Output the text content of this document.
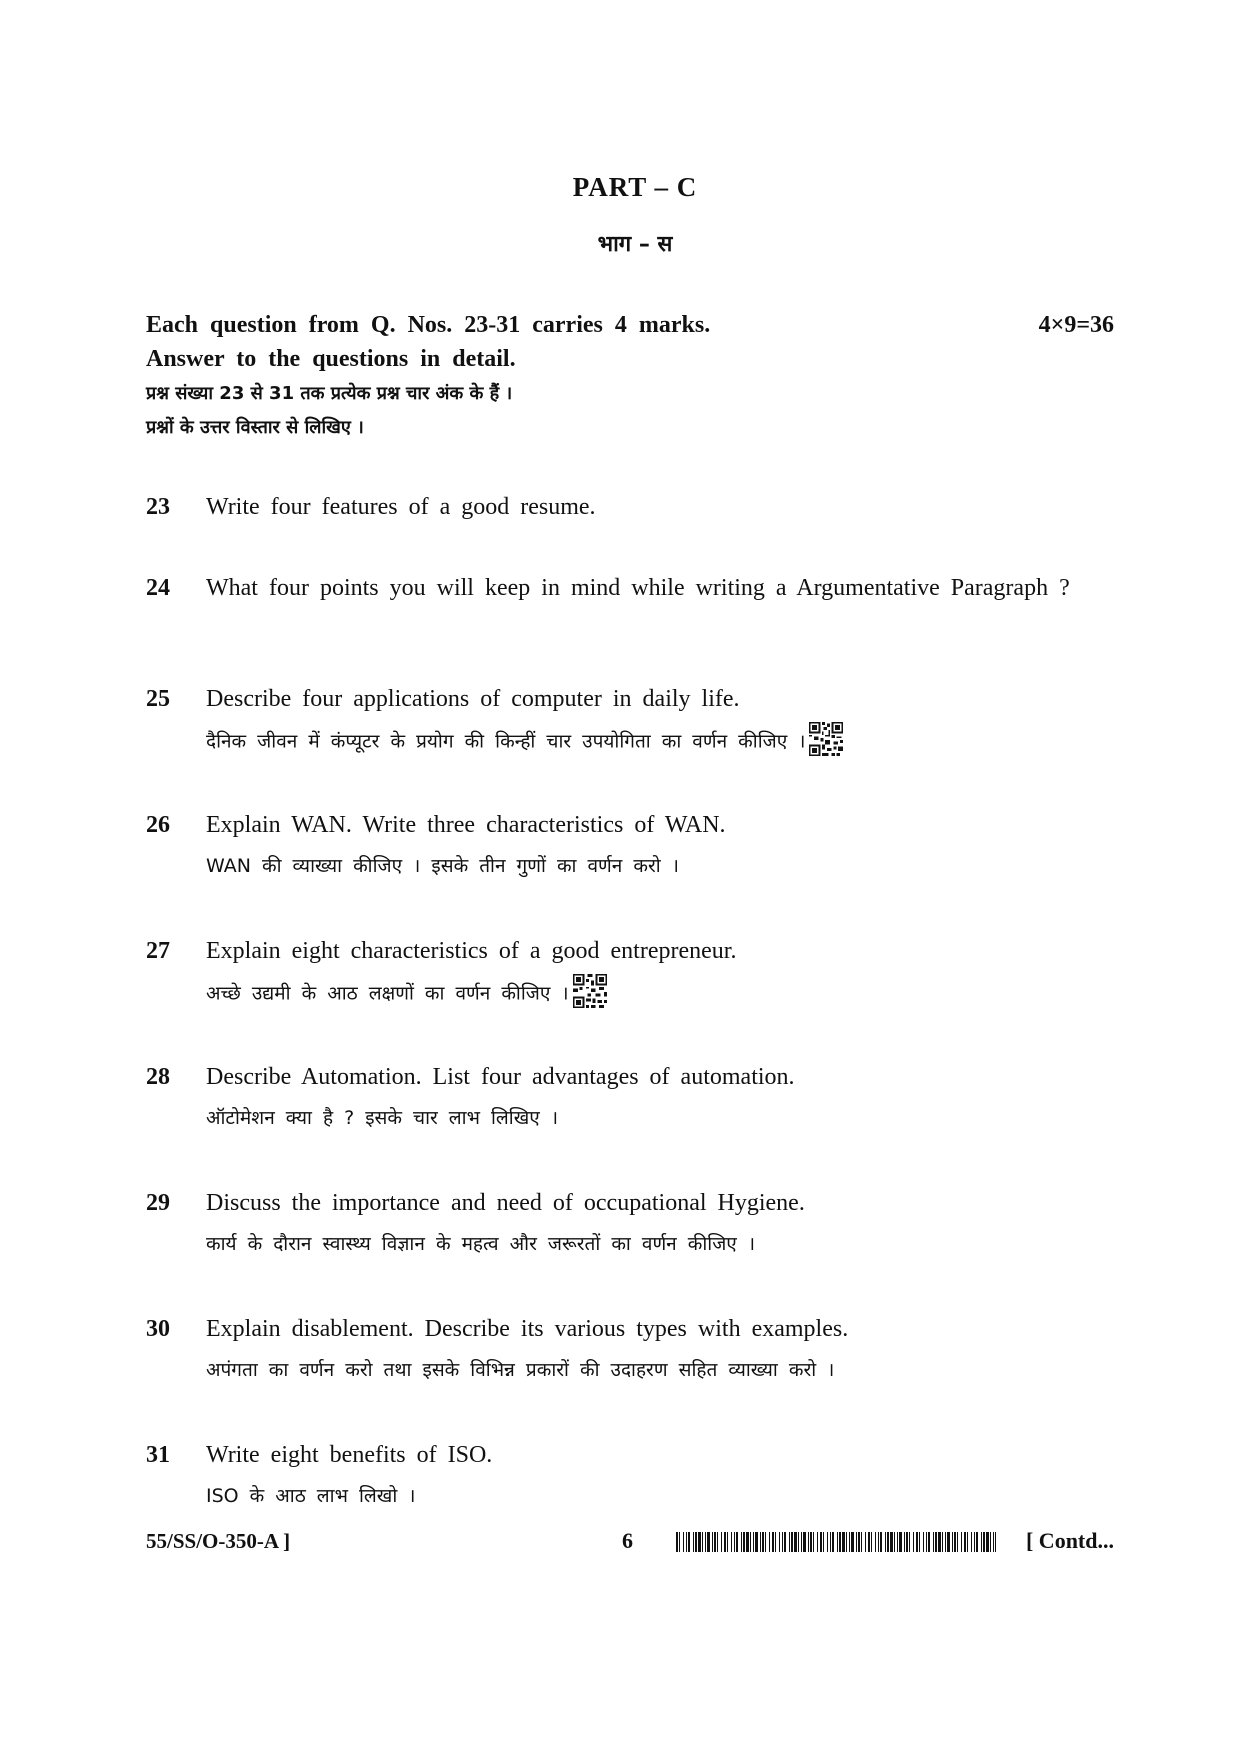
PART – C
भाग – स
Each question from Q. Nos. 23-31 carries 4 marks.	4×9=36
Answer to the questions in detail.
प्रश्न संख्या 23 से 31 तक प्रत्येक प्रश्न चार अंक के हैं ।
प्रश्नों के उत्तर विस्तार से लिखिए ।
23 Write four features of a good resume.
24 What four points you will keep in mind while writing a Argumentative Paragraph ?
25 Describe four applications of computer in daily life.
दैनिक जीवन में कंप्यूटर के प्रयोग की किन्हीं चार उपयोगिता का वर्णन कीजिए ।
26 Explain WAN. Write three characteristics of WAN.
WAN की व्याख्या कीजिए । इसके तीन गुणों का वर्णन करो ।
27 Explain eight characteristics of a good entrepreneur.
अच्छे उद्यमी के आठ लक्षणों का वर्णन कीजिए ।
28 Describe Automation. List four advantages of automation.
ऑटोमेशन क्या है ? इसके चार लाभ लिखिए ।
29 Discuss the importance and need of occupational Hygiene.
कार्य के दौरान स्वास्थ्य विज्ञान के महत्व और जरूरतों का वर्णन कीजिए ।
30 Explain disablement. Describe its various types with examples.
अपंगता का वर्णन करो तथा इसके विभिन्न प्रकारों की उदाहरण सहित व्याख्या करो ।
31 Write eight benefits of ISO.
ISO के आठ लाभ लिखो ।
55/SS/O-350-A ]	6	[ Contd...
